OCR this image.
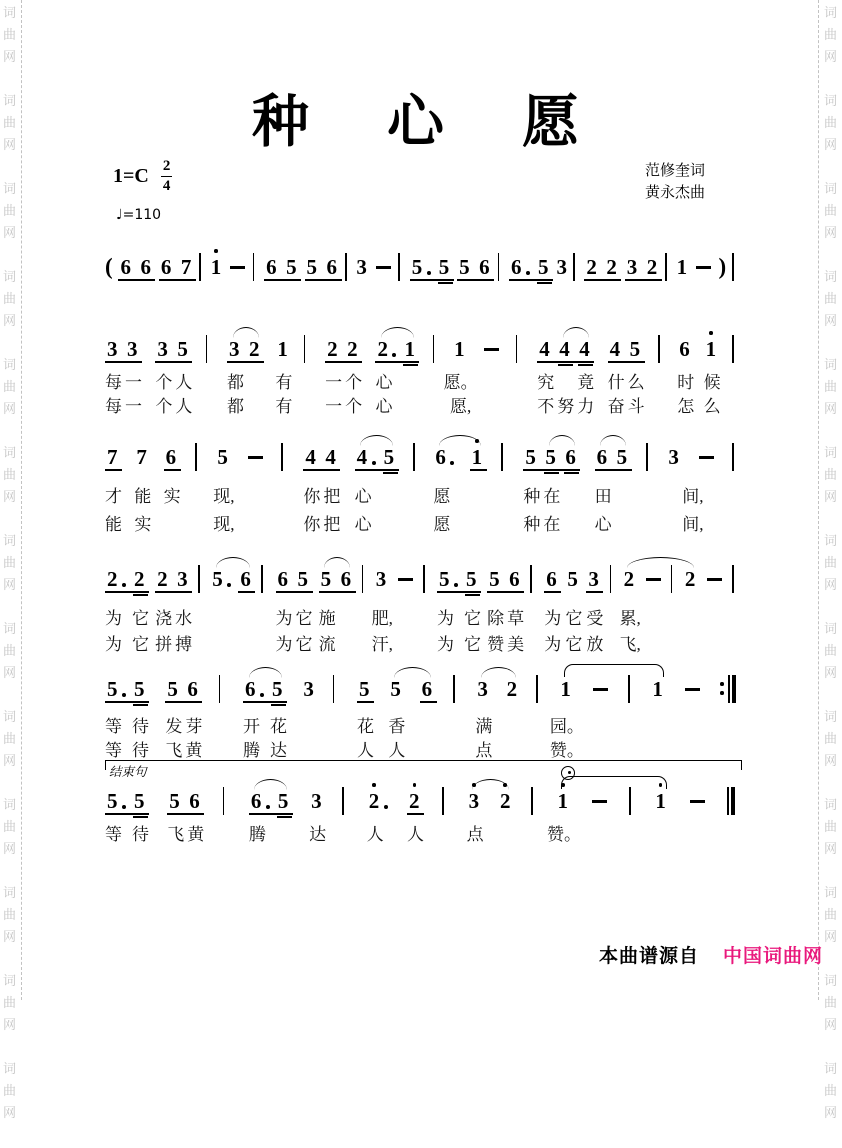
词
曲
网
词
曲
网
词
曲
网
词
曲
网
词
曲
网
词
曲
网
词
曲
网
词
曲
网
词
曲
网
词
曲
网
词
曲
网
词
曲
网
词
曲
网
词
曲
网
词
曲
网
词
曲
网
词
曲
网
词
曲
网
词
曲
网
词
曲
网
词
曲
网
词
曲
网
词
曲
网
词
曲
网
词
曲
网
词
曲
网
种心愿
$1=C \frac{2}{4}$
♩=110
范修奎词
黄永杰曲
( 6 6 6 7 1 6 5 5 6 3 5 5 5 6 6 5 3 2 2 3 2 1 )
3 3 3 5 3 2 1 2 2 2 1 1	4 4 4 4 5 6 1
每 一 个 人 都 有 一 个 心	愿。	究 竟 什 么 时 候
每 一 个 人 都 有 一 个 心	愿,	不 努 力 奋 斗 怎 么
7 7 6 5	4 4 4 5 6	1 5 5 6 6 5 3
才 能 实 现,	你 把 心	愿	种 在 田	间,
能 实	现,	你 把 心	愿	种 在 心	间,
2 2 2 3 5 6 6 5 5 6 3	5 5 5 6 6 5 3 2 2
为 它 浇 水	为 它 施 肥,	为 它 除 草 为 它 受 累,
为 它 拼 搏	为 它 流 汗,	为 它 赞 美 为 它 放 飞,
5 5 5 6 6 5 3 5 5 6 3 2 1	1
等 待 发 芽 开 花	花 香	满	园。
等 待 飞 黄 腾 达	人 人	点	赞。
5 5 5 6 6 5 3 2	2 3 2 1	1
等 待 飞 黄	腾	达 人 人	点	赞。
结束句
本曲谱源自 中国词曲网
